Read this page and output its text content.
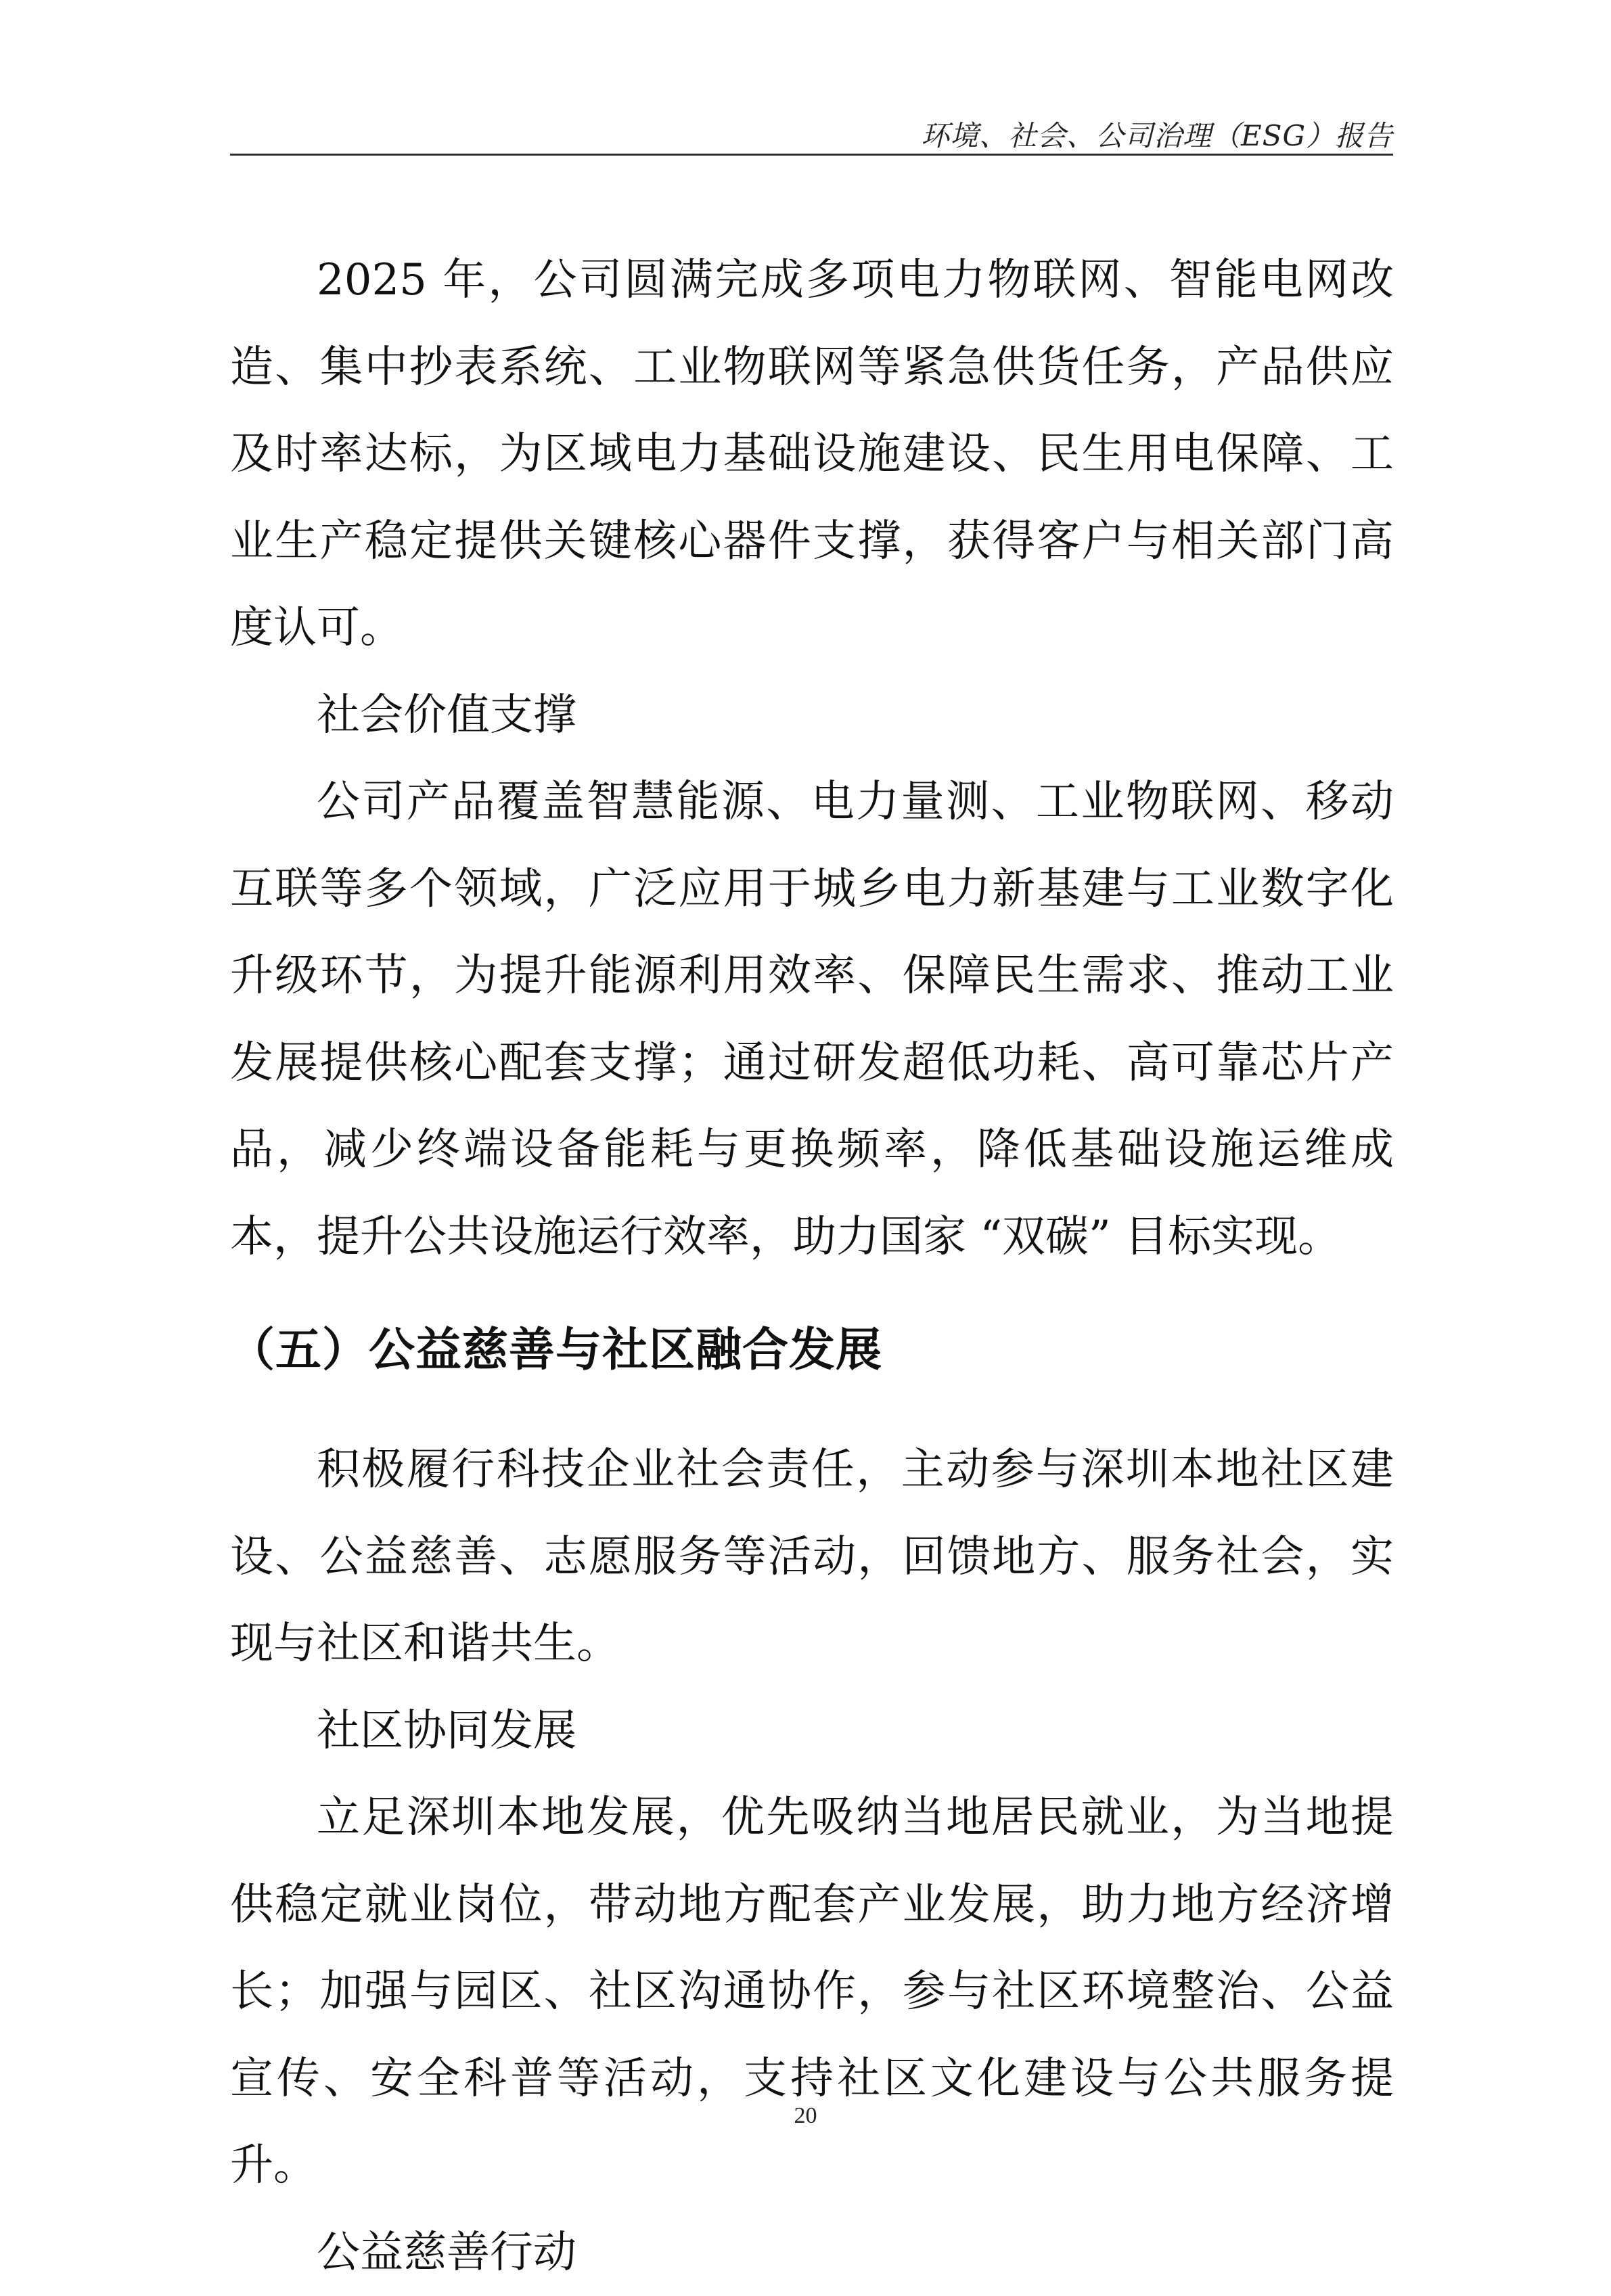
环境、社会、公司治理（ESG）报告

2025 年，公司圆满完成多项电力物联网、智能电网改造、集中抄表系统、工业物联网等紧急供货任务，产品供应及时率达标，为区域电力基础设施建设、民生用电保障、工业生产稳定提供关键核心器件支撑，获得客户与相关部门高度认可。

社会价值支撑

公司产品覆盖智慧能源、电力量测、工业物联网、移动互联等多个领域，广泛应用于城乡电力新基建与工业数字化升级环节，为提升能源利用效率、保障民生需求、推动工业发展提供核心配套支撑；通过研发超低功耗、高可靠芯片产品，减少终端设备能耗与更换频率，降低基础设施运维成本，提升公共设施运行效率，助力国家 “双碳” 目标实现。

（五）公益慈善与社区融合发展

积极履行科技企业社会责任，主动参与深圳本地社区建设、公益慈善、志愿服务等活动，回馈地方、服务社会，实现与社区和谐共生。

社区协同发展

立足深圳本地发展，优先吸纳当地居民就业，为当地提供稳定就业岗位，带动地方配套产业发展，助力地方经济增长；加强与园区、社区沟通协作，参与社区环境整治、公益宣传、安全科普等活动，支持社区文化建设与公共服务提升。

公益慈善行动

20
